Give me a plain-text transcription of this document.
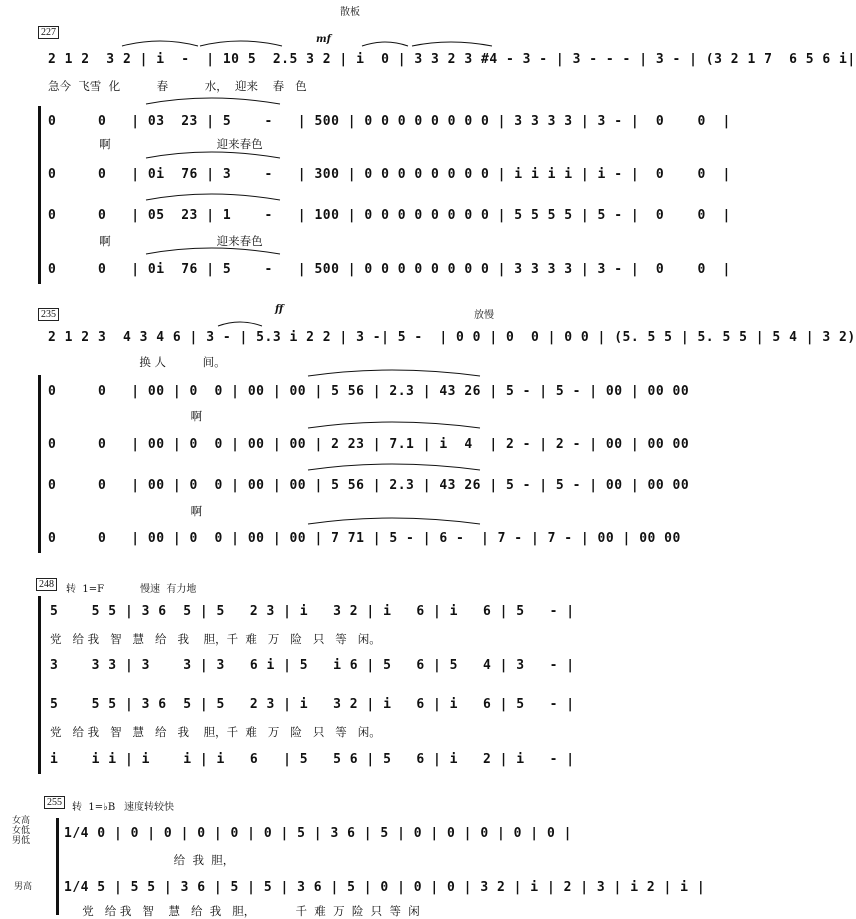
227
散板
mf
2 1 2  3 2 | i  -  | 10 5  2.5 3 2 | i  0 | 3 3 2 3 #4 - 3 - | 3 - - - | 3 - | (3 2 1 7  6 5 6 i|
急今  飞雪  化          春          水，  迎来    春   色
0     0   | 03  23 | 5    -   | 500 | 0 0 0 0 0 0 0 0 | 3 3 3 3 | 3 - |  0    0  |
啊                             迎来春色
0     0   | 0i  76 | 3    -   | 300 | 0 0 0 0 0 0 0 0 | i i i i | i - |  0    0  |
0     0   | 05  23 | 1    -   | 100 | 0 0 0 0 0 0 0 0 | 5 5 5 5 | 5 - |  0    0  |
啊                             迎来春色
0     0   | 0i  76 | 5    -   | 500 | 0 0 0 0 0 0 0 0 | 3 3 3 3 | 3 - |  0    0  |
235	ff
放慢
2 1 2 3  4 3 4 6 | 3 - | 5.3 i 2 2 | 3 -| 5 -  | 0 0 | 0  0 | 0 0 | (5. 5 5 | 5. 5 5 | 5 4 | 3 2)
换 人          间。
0     0   | 00 | 0  0 | 00 | 00 | 5 56 | 2.3 | 43 26 | 5 - | 5 - | 00 | 00 00
啊
0     0   | 00 | 0  0 | 00 | 00 | 2 23 | 7.1 | i  4  | 2 - | 2 - | 00 | 00 00
0     0   | 00 | 0  0 | 00 | 00 | 5 56 | 2.3 | 43 26 | 5 - | 5 - | 00 | 00 00
啊
0     0   | 00 | 0  0 | 00 | 00 | 7 71 | 5 - | 6 -  | 7 - | 7 - | 00 | 00 00
248	转  1=F	慢速  有力地
5    5 5 | 3 6  5 | 5   2 3 | i   3 2 | i   6 | i   6 | 5   - |
党   给 我   智   慧   给   我    胆，千  难   万   险   只   等   闲。
3    3 3 | 3    3 | 3   6 i | 5   i 6 | 5   6 | 5   4 | 3   - |
5    5 5 | 3 6  5 | 5   2 3 | i   3 2 | i   6 | i   6 | 5   - |
党   给 我   智   慧   给   我    胆，千  难   万   险   只   等   闲。
i    i i | i    i | i   6   | 5   5 6 | 5   6 | i   2 | i   - |
255	转  1=♭B 速度转较快
女高 女低 男低	1/4 0 | 0 | 0 | 0 | 0 | 0 | 5 | 3 6 | 5 | 0 | 0 | 0 | 0 | 0 |
给  我  胆，
男高 1/4 5 | 5 5 | 3 6 | 5 | 5 | 3 6 | 5 | 0 | 0 | 0 | 3 2 | i | 2 | 3 | i 2 | i |
党   给 我   智    慧   给  我   胆，           千  难  万  险  只  等  闲
